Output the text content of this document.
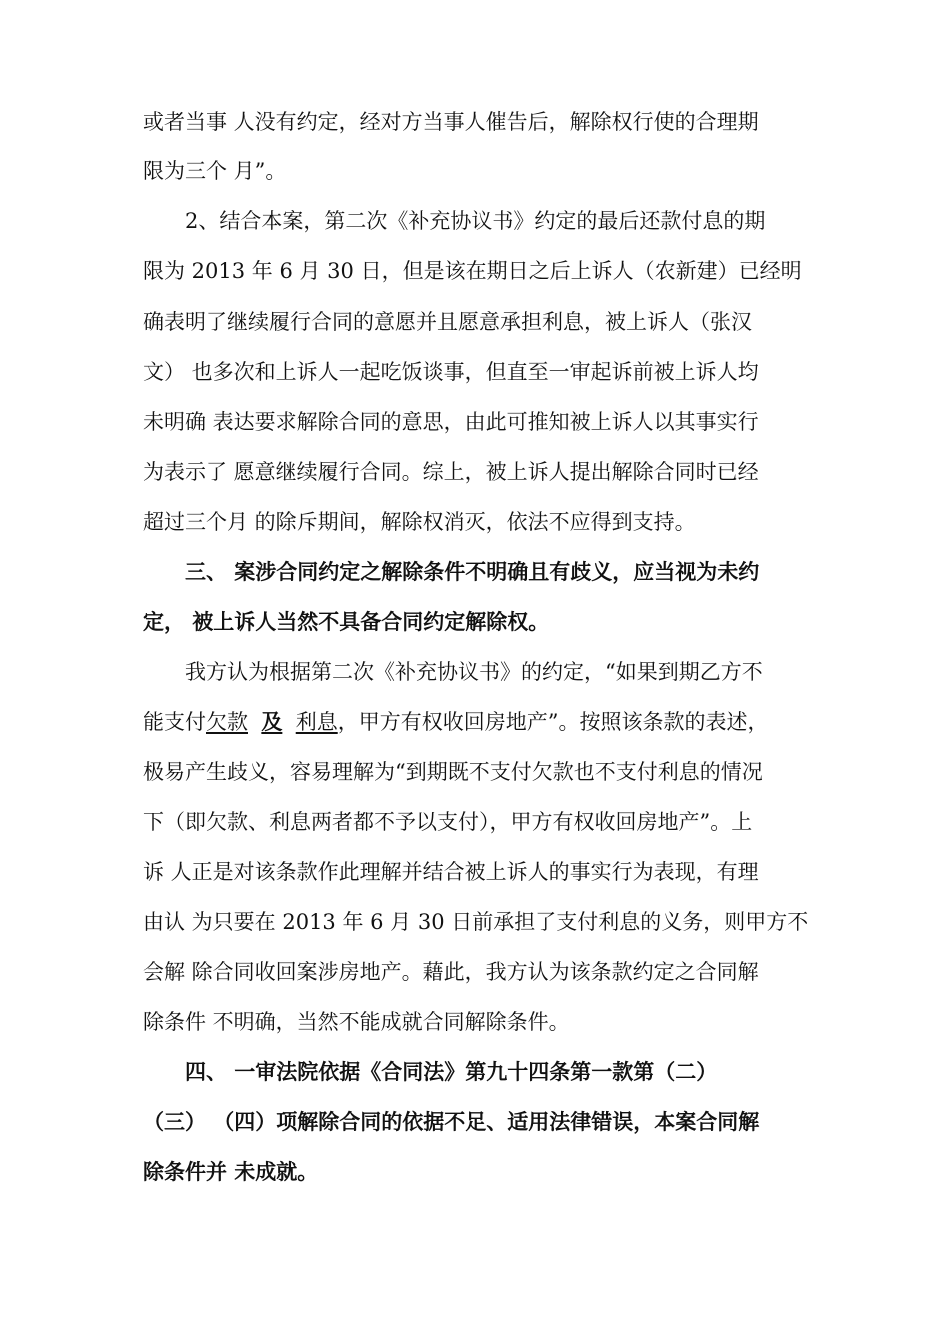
或者当事 人没有约定，经对方当事人催告后，解除权行使的合理期
限为三个 月”。
2、结合本案，第二次《补充协议书》约定的最后还款付息的期
限为 2013 年 6 月 30 日，但是该在期日之后上诉人（农新建）已经明
确表明了继续履行合同的意愿并且愿意承担利息，被上诉人（张汉
文） 也多次和上诉人一起吃饭谈事，但直至一审起诉前被上诉人均
未明确 表达要求解除合同的意思，由此可推知被上诉人以其事实行
为表示了 愿意继续履行合同。综上，被上诉人提出解除合同时已经
超过三个月 的除斥期间，解除权消灭，依法不应得到支持。
三、 案涉合同约定之解除条件不明确且有歧义，应当视为未约
定， 被上诉人当然不具备合同约定解除权。
我方认为根据第二次《补充协议书》的约定，“如果到期乙方不
能支付欠款 及 利息，甲方有权收回房地产”。按照该条款的表述，
极易产生歧义，容易理解为“到期既不支付欠款也不支付利息的情况
下（即欠款、利息两者都不予以支付），甲方有权收回房地产”。上
诉 人正是对该条款作此理解并结合被上诉人的事实行为表现，有理
由认 为只要在 2013 年 6 月 30 日前承担了支付利息的义务，则甲方不
会解 除合同收回案涉房地产。藉此，我方认为该条款约定之合同解
除条件 不明确，当然不能成就合同解除条件。
四、 一审法院依据《合同法》第九十四条第一款第（二）
（三） （四）项解除合同的依据不足、适用法律错误，本案合同解
除条件并 未成就。
